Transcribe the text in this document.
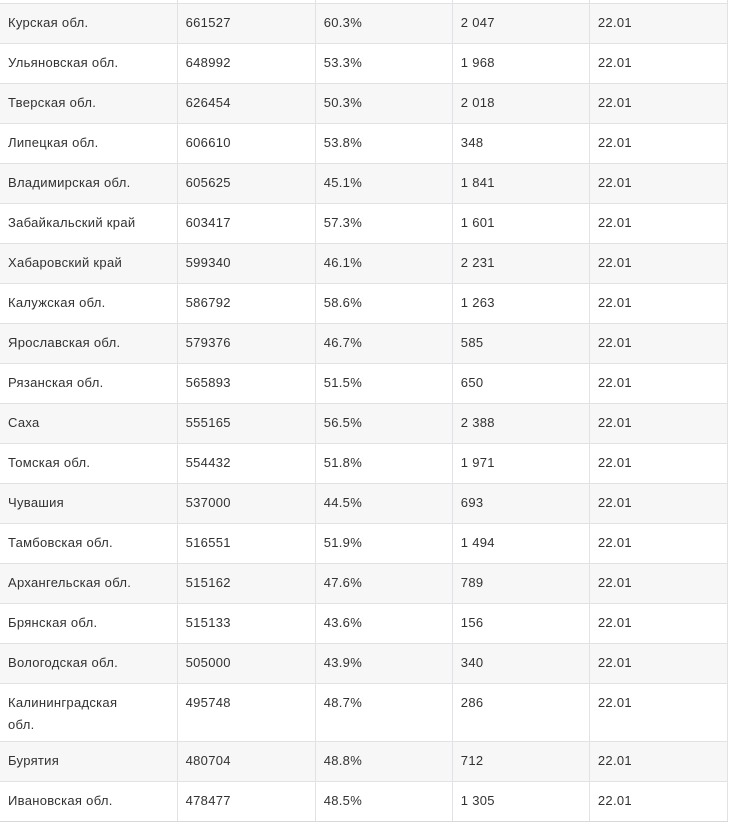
Курская обл.	661527	60.3%	2 047	22.01

Ульяновская обл.	648992	53.3%	1 968	22.01

Тверская обл.	626454	50.3%	2 018	22.01

Липецкая обл.	606610	53.8%	348	22.01

Владимирская обл.	605625	45.1%	1 841	22.01

Забайкальский край	603417	57.3%	1 601	22.01

Хабаровский край	599340	46.1%	2 231	22.01

Калужская обл.	586792	58.6%	1 263	22.01

Ярославская обл.	579376	46.7%	585	22.01

Рязанская обл.	565893	51.5%	650	22.01

Саха	555165	56.5%	2 388	22.01

Томская обл.	554432	51.8%	1 971	22.01

Чувашия	537000	44.5%	693	22.01

Тамбовская обл.	516551	51.9%	1 494	22.01

Архангельская обл.	515162	47.6%	789	22.01

Брянская обл.	515133	43.6%	156	22.01

Вологодская обл.	505000	43.9%	340	22.01

Калининградская обл.	495748	48.7%	286	22.01

Бурятия	480704	48.8%	712	22.01

Ивановская обл.	478477	48.5%	1 305	22.01
